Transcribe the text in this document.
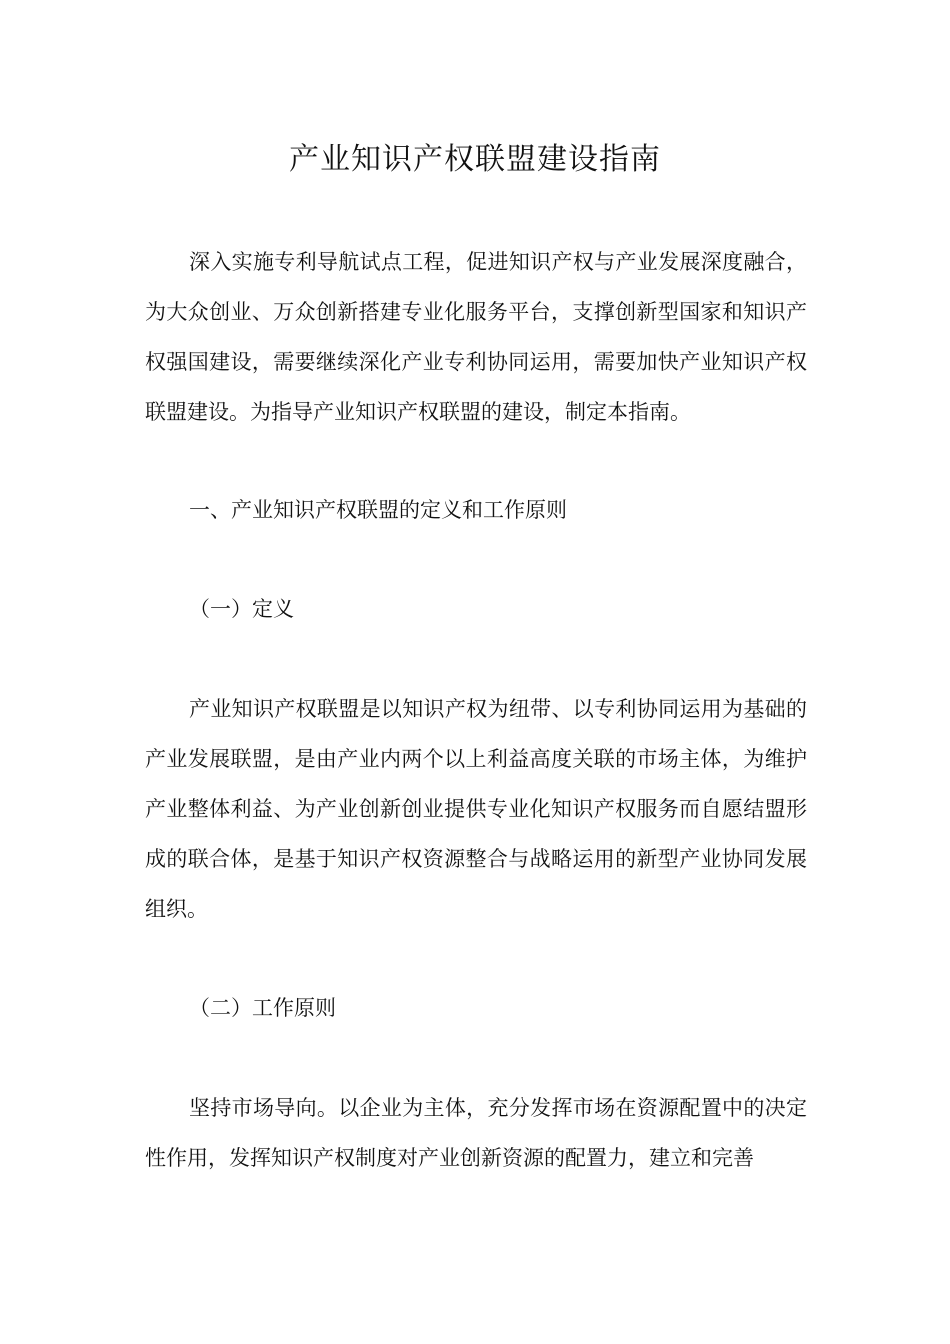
产业知识产权联盟建设指南

深入实施专利导航试点工程，促进知识产权与产业发展深度融合，为大众创业、万众创新搭建专业化服务平台，支撑创新型国家和知识产权强国建设，需要继续深化产业专利协同运用，需要加快产业知识产权联盟建设。为指导产业知识产权联盟的建设，制定本指南。

一、产业知识产权联盟的定义和工作原则

（一）定义

产业知识产权联盟是以知识产权为纽带、以专利协同运用为基础的产业发展联盟，是由产业内两个以上利益高度关联的市场主体，为维护产业整体利益、为产业创新创业提供专业化知识产权服务而自愿结盟形成的联合体，是基于知识产权资源整合与战略运用的新型产业协同发展组织。

（二）工作原则

坚持市场导向。以企业为主体，充分发挥市场在资源配置中的决定性作用，发挥知识产权制度对产业创新资源的配置力，建立和完善
